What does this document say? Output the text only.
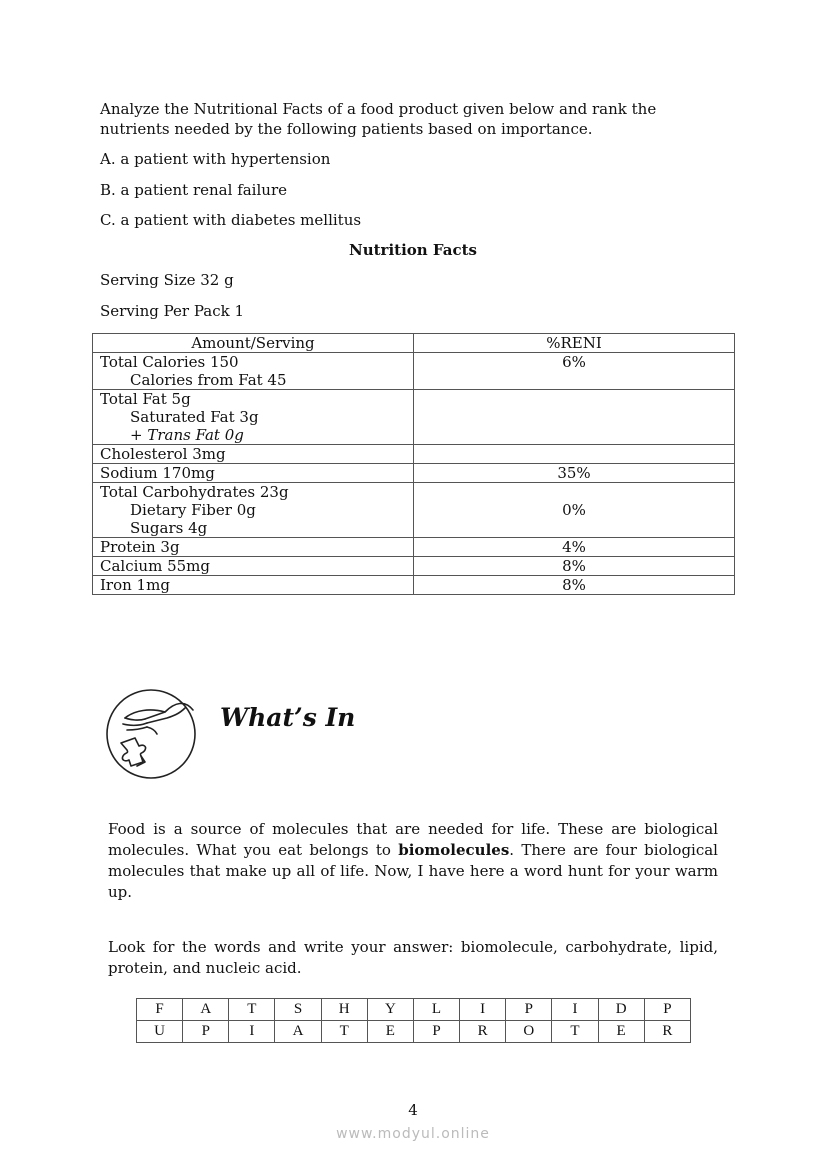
Analyze the Nutritional Facts of a food product given below and rank the nutrients needed by the following patients based on importance.

A. a patient with hypertension
B. a patient renal failure
C. a patient with diabetes mellitus
Nutrition Facts
Serving Size 32 g
Serving Per Pack 1
Amount/Serving	%RENI
Total Calories 150
Calories from Fat 45	6%
Total Fat 5g
Saturated Fat 3g
+ Trans Fat 0g	

Cholesterol 3mg	
Sodium 170mg	35%
Total Carbohydrates 23g
Dietary Fiber 0g
Sugars 4g	0%
Protein 3g	4%
Calcium 55mg	8%
Iron 1mg	8%
What’s In
Food is a source of molecules that are needed for life. These are biological molecules. What you eat belongs to biomolecules. There are four biological molecules that make up all of life. Now, I have here a word hunt for your warm up.
Look for the words and write your answer: biomolecule, carbohydrate, lipid, protein, and nucleic acid.
F	A	T	S	H	Y	L	I	P	I	D	P
U	P	I	A	T	E	P	R	O	T	E	R
4
www.modyul.online
